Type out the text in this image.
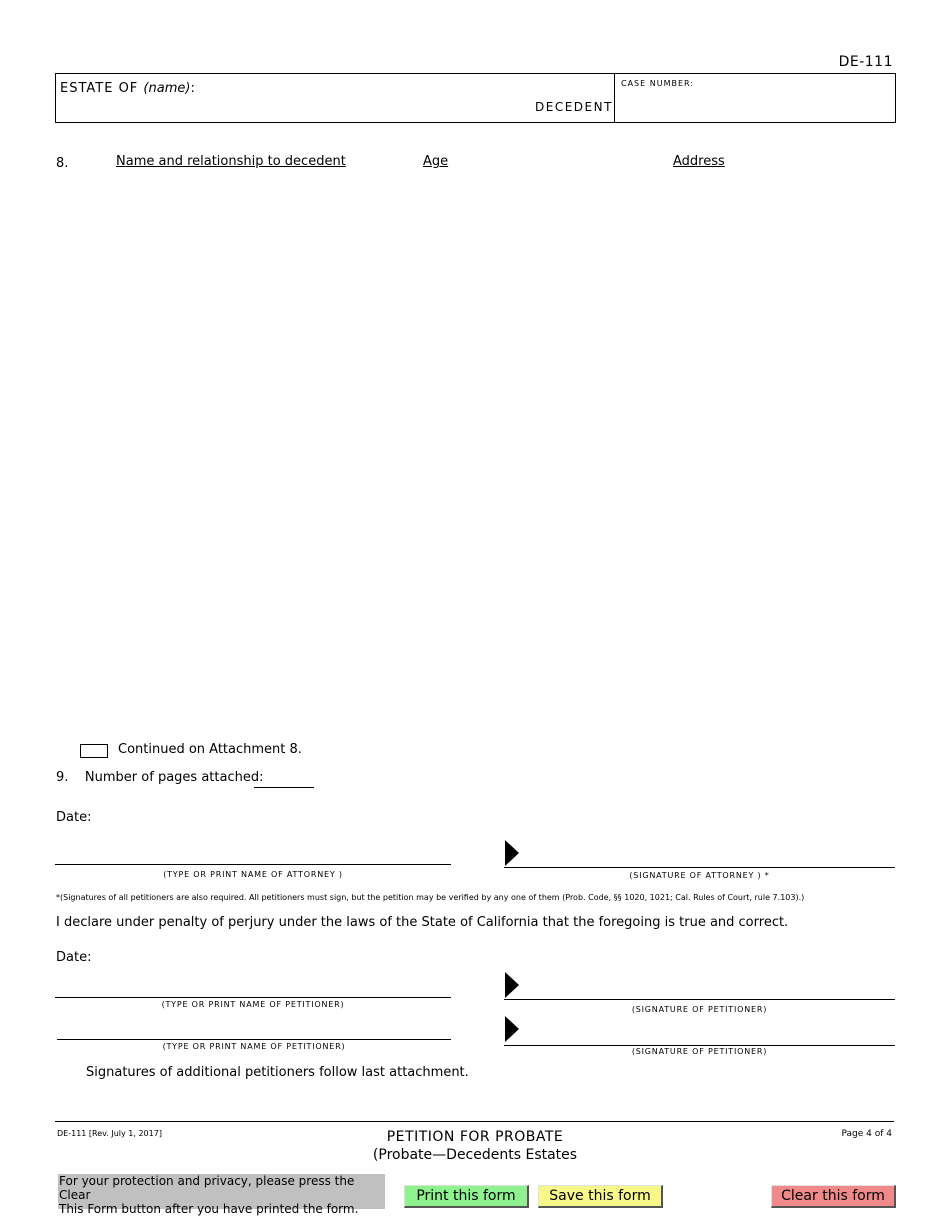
DE-111
ESTATE OF (name):
DECEDENT
CASE NUMBER:
8.	Name and relationship to decedent	Age	Address
Continued on Attachment 8.
9.    Number of pages attached:
Date:
(TYPE OR PRINT NAME OF ATTORNEY )	(SIGNATURE OF ATTORNEY ) *
*(Signatures of all petitioners are also required. All petitioners must sign, but the petition may be verified by any one of them (Prob. Code, §§ 1020, 1021; Cal. Rules of Court, rule 7.103).)
I declare under penalty of perjury under the laws of the State of California that the foregoing is true and correct.
Date:
(TYPE OR PRINT NAME OF PETITIONER)
(SIGNATURE OF PETITIONER)
(TYPE OR PRINT NAME OF PETITIONER)
(SIGNATURE OF PETITIONER)
Signatures of additional petitioners follow last attachment.
DE-111 [Rev. July 1, 2017]	PETITION FOR PROBATE
(Probate—Decedents Estates
Page 4 of 4
For your protection and privacy, please press the Clear
This Form button after you have printed the form.
Print this form	Save this form	Clear this form
